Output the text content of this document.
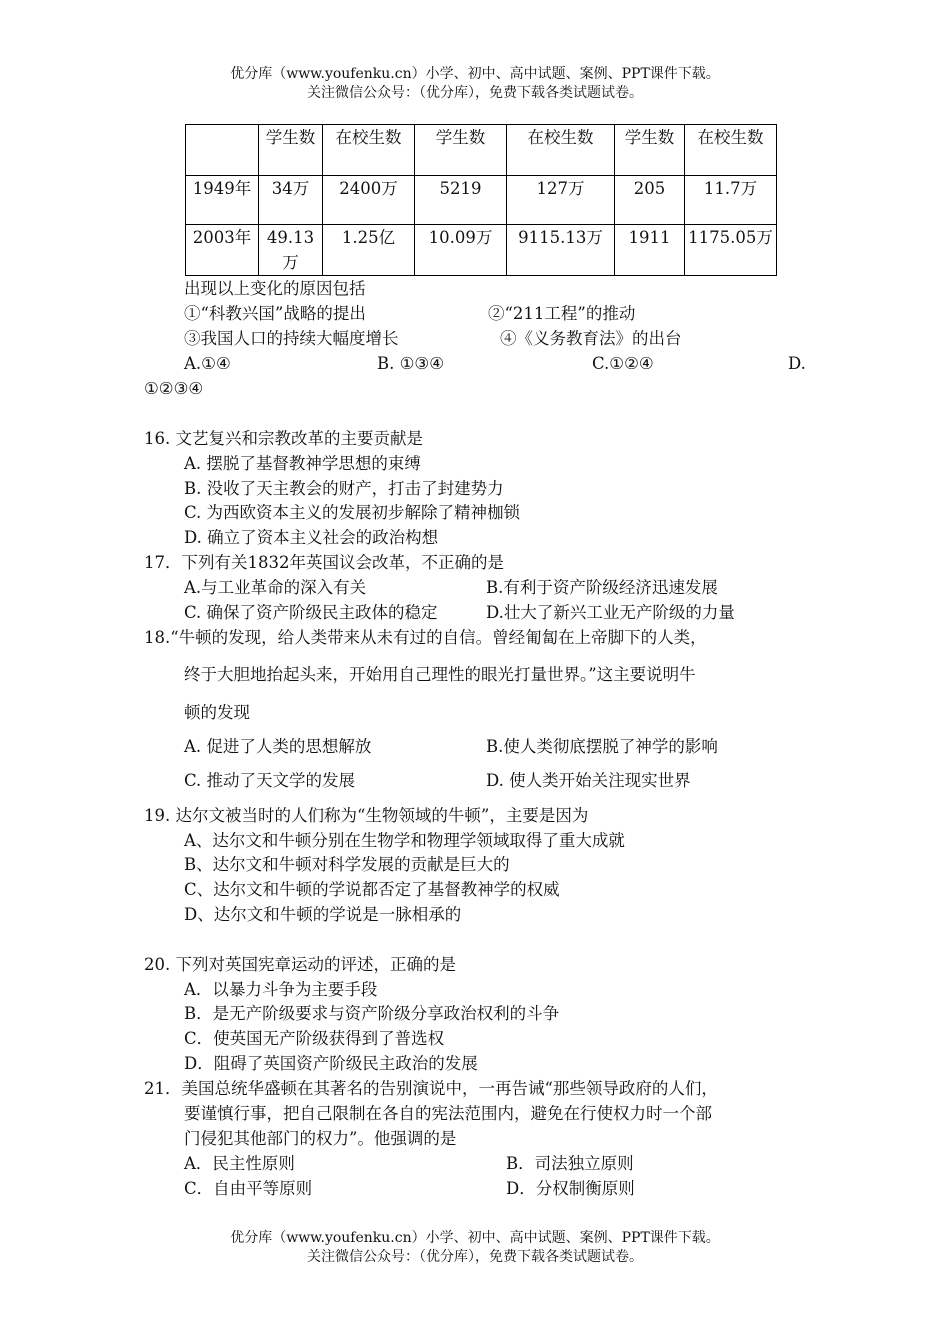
优分库（www.youfenku.cn）小学、初中、高中试题、案例、PPT课件下载。
关注微信公众号：（优分库），免费下载各类试题试卷。
	学生数	在校生数	学生数	在校生数	学生数	在校生数
1949年	34万	2400万	5219	127万	205	11.7万
2003年	49.13万	1.25亿	10.09万	9115.13万	1911	1175.05万
出现以上变化的原因包括
①“科教兴国”战略的提出	②“211工程”的推动
③我国人口的持续大幅度增长	④《义务教育法》的出台
A.①④	B. ①③④	C.①②④	D.
①②③④
16. 文艺复兴和宗教改革的主要贡献是
A. 摆脱了基督教神学思想的束缚
B. 没收了天主教会的财产，打击了封建势力
C. 为西欧资本主义的发展初步解除了精神枷锁
D. 确立了资本主义社会的政治构想
17．下列有关1832年英国议会改革，不正确的是
A.与工业革命的深入有关	B.有利于资产阶级经济迅速发展
C. 确保了资产阶级民主政体的稳定	D.壮大了新兴工业无产阶级的力量
18.“牛顿的发现，给人类带来从未有过的自信。曾经匍匐在上帝脚下的人类，
终于大胆地抬起头来，开始用自己理性的眼光打量世界。”这主要说明牛
顿的发现
A. 促进了人类的思想解放	B.使人类彻底摆脱了神学的影响
C. 推动了天文学的发展	D. 使人类开始关注现实世界
19. 达尔文被当时的人们称为“生物领域的牛顿”，主要是因为
A、达尔文和牛顿分别在生物学和物理学领域取得了重大成就
B、达尔文和牛顿对科学发展的贡献是巨大的
C、达尔文和牛顿的学说都否定了基督教神学的权威
D、达尔文和牛顿的学说是一脉相承的
20. 下列对英国宪章运动的评述，正确的是
A．以暴力斗争为主要手段
B．是无产阶级要求与资产阶级分享政治权利的斗争
C．使英国无产阶级获得到了普选权
D．阻碍了英国资产阶级民主政治的发展
21．美国总统华盛顿在其著名的告别演说中，一再告诫“那些领导政府的人们，
要谨慎行事，把自己限制在各自的宪法范围内，避免在行使权力时一个部
门侵犯其他部门的权力”。他强调的是
A．民主性原则	B．司法独立原则
C．自由平等原则	D．分权制衡原则
优分库（www.youfenku.cn）小学、初中、高中试题、案例、PPT课件下载。
关注微信公众号：（优分库），免费下载各类试题试卷。
